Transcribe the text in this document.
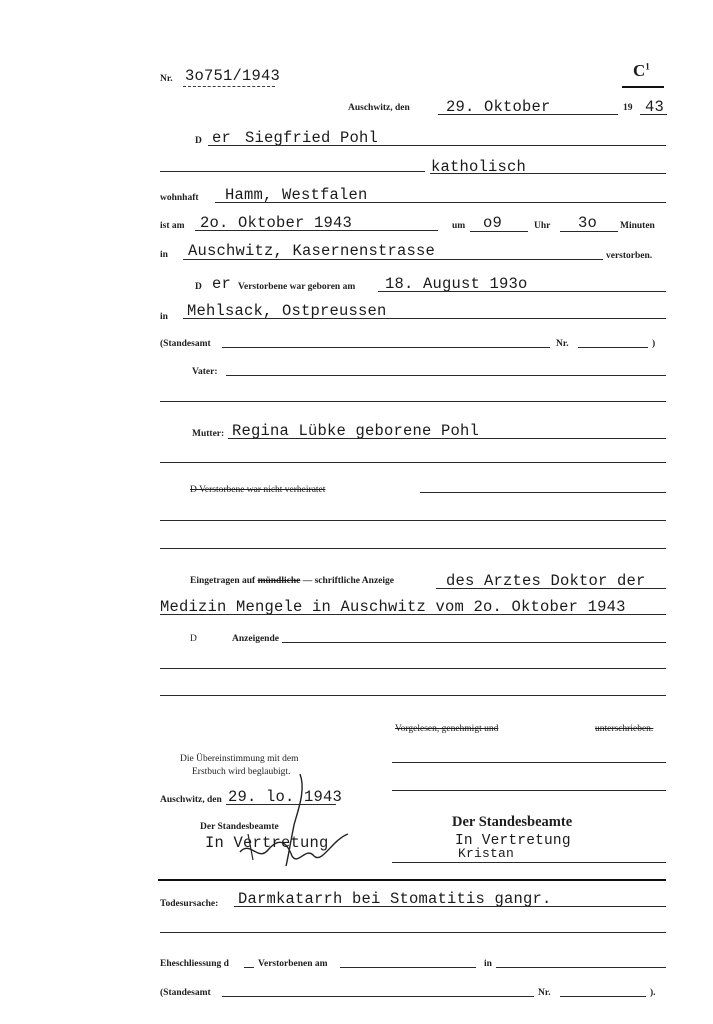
Nr. 3o751/1943	$C^1$
Auschwitz, den 29. Oktober	19 43
D er Siegfried Pohl
katholisch
wohnhaft Hamm, Westfalen
ist am 2o. Oktober 1943	um o9	Uhr 3o Minuten
in Auschwitz, Kasernenstrasse	verstorben.
D er Verstorbene war geboren am 18. August 193o
in Mehlsack, Ostpreussen
(Standesamt	Nr.	)
Vater:
Mutter: Regina Lübke geborene Pohl
D Verstorbene war nicht verheiratet
Eingetragen auf mündliche — schriftliche Anzeige	des Arztes Doktor der
Medizin Mengele in Auschwitz vom 2o. Oktober 1943
D	Anzeigende
Vorgelesen, genehmigt und	unterschrieben.
Die Übereinstimmung mit dem
Erstbuch wird beglaubigt.
Auschwitz, den 29. lo. 1943
Der Standesbeamte
In Vertretung
Der Standesbeamte
In Vertretung
Kristan
Todesursache: Darmkatarrh bei Stomatitis gangr.
Eheschliessung d	Verstorbenen am	in
(Standesamt	Nr.	).
